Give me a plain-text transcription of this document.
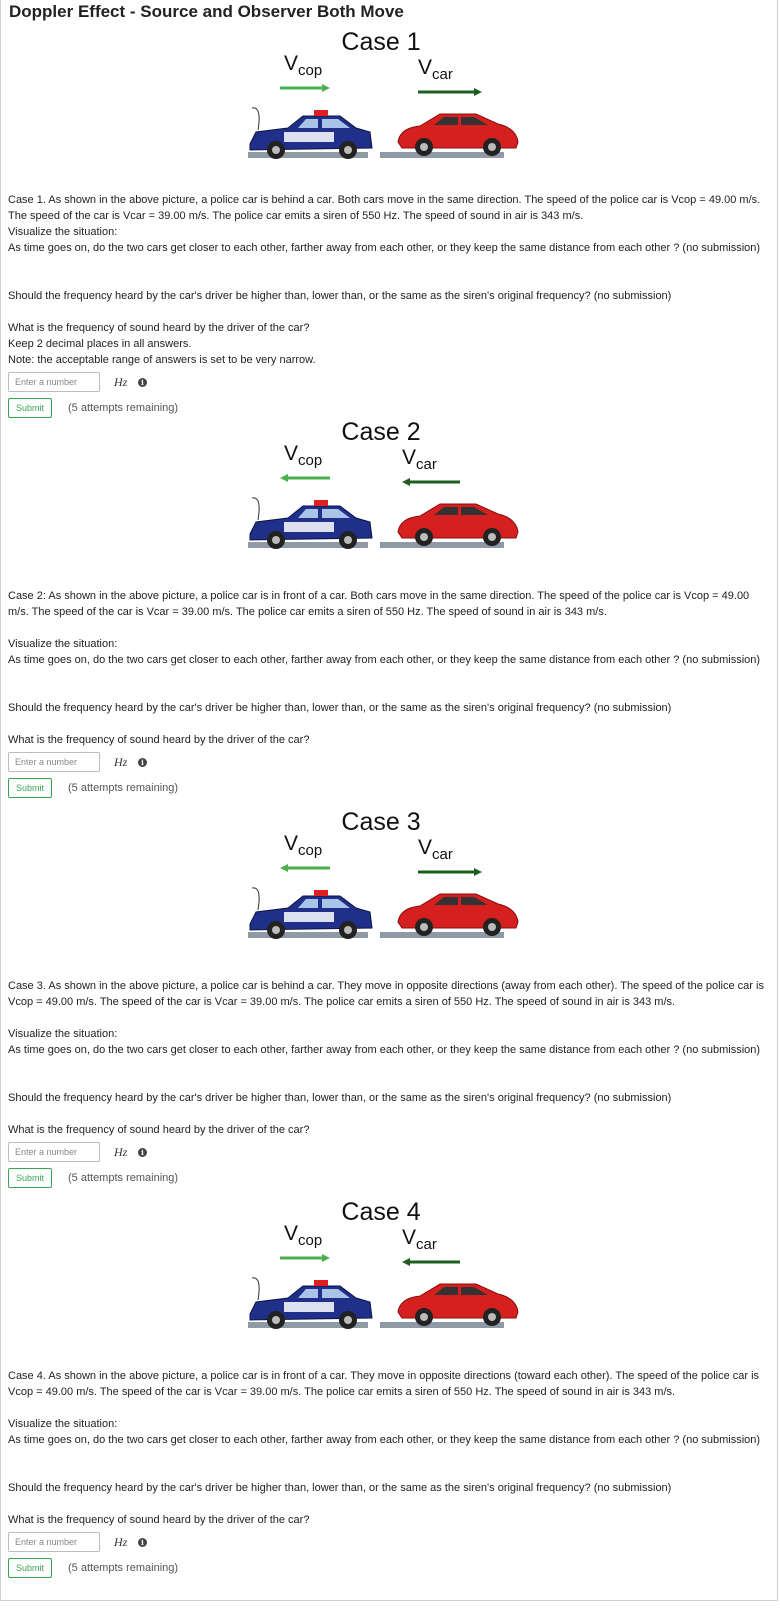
Doppler Effect - Source and Observer Both Move
Case 1
$V_{cop}$	$V_{car}$
Case 1. As shown in the above picture, a police car is behind a car. Both cars move in the same direction. The speed of the police car is Vcop = 49.00 m/s. The speed of the car is Vcar = 39.00 m/s. The police car emits a siren of 550 Hz. The speed of sound in air is 343 m/s.
Visualize the situation:
As time goes on, do the two cars get closer to each other, farther away from each other, or they keep the same distance from each other ? (no submission)
Should the frequency heard by the car's driver be higher than, lower than, or the same as the siren's original frequency? (no submission)
What is the frequency of sound heard by the driver of the car?
Keep 2 decimal places in all answers.
Note: the acceptable range of answers is set to be very narrow.
Enter a number
Hz	i
Submit	(5 attempts remaining)
Case 2
$V_{cop}$	$V_{car}$
Case 2: As shown in the above picture, a police car is in front of a car. Both cars move in the same direction. The speed of the police car is Vcop = 49.00 m/s. The speed of the car is Vcar = 39.00 m/s. The police car emits a siren of 550 Hz. The speed of sound in air is 343 m/s.
Visualize the situation:
As time goes on, do the two cars get closer to each other, farther away from each other, or they keep the same distance from each other ? (no submission)
Should the frequency heard by the car's driver be higher than, lower than, or the same as the siren's original frequency? (no submission)
What is the frequency of sound heard by the driver of the car?
Enter a number
Hz	i
Submit	(5 attempts remaining)
Case 3
$V_{cop}$	$V_{car}$
Case 3. As shown in the above picture, a police car is behind a car. They move in opposite directions (away from each other). The speed of the police car is Vcop = 49.00 m/s. The speed of the car is Vcar = 39.00 m/s. The police car emits a siren of 550 Hz. The speed of sound in air is 343 m/s.
Visualize the situation:
As time goes on, do the two cars get closer to each other, farther away from each other, or they keep the same distance from each other ? (no submission)
Should the frequency heard by the car's driver be higher than, lower than, or the same as the siren's original frequency? (no submission)
What is the frequency of sound heard by the driver of the car?
Enter a number
Hz	i
Submit	(5 attempts remaining)
Case 4
$V_{cop}$	$V_{car}$
Case 4. As shown in the above picture, a police car is in front of a car. They move in opposite directions (toward each other). The speed of the police car is Vcop = 49.00 m/s. The speed of the car is Vcar = 39.00 m/s. The police car emits a siren of 550 Hz. The speed of sound in air is 343 m/s.
Visualize the situation:
As time goes on, do the two cars get closer to each other, farther away from each other, or they keep the same distance from each other ? (no submission)
Should the frequency heard by the car's driver be higher than, lower than, or the same as the siren's original frequency? (no submission)
What is the frequency of sound heard by the driver of the car?
Enter a number
Hz	i
Submit	(5 attempts remaining)
